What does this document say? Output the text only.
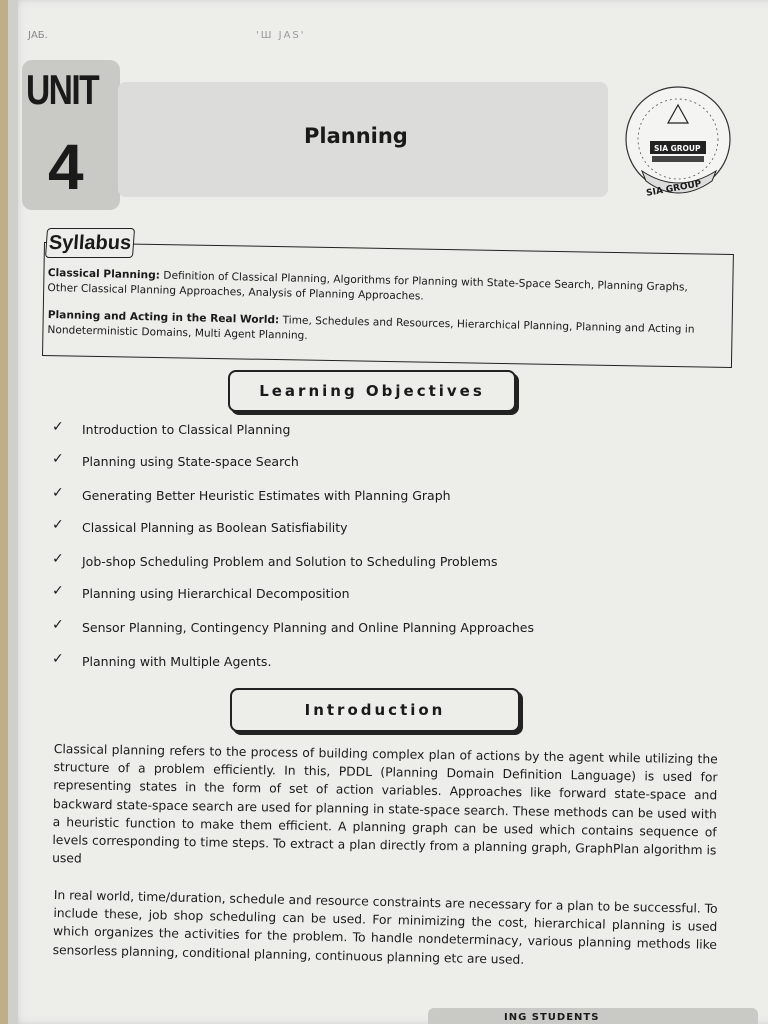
ЈАБ.	'Ш ЈАЅ'
UNIT
4	Planning
SIA GROUP
SIA GROUP
Syllabus
Classical Planning: Definition of Classical Planning, Algorithms for Planning with State-Space Search, Planning Graphs, Other Classical Planning Approaches, Analysis of Planning Approaches.
Planning and Acting in the Real World: Time, Schedules and Resources, Hierarchical Planning, Planning and Acting in Nondeterministic Domains, Multi Agent Planning.
Learning Objectives
✓ Introduction to Classical Planning
✓ Planning using State-space Search
✓ Generating Better Heuristic Estimates with Planning Graph
✓ Classical Planning as Boolean Satisfiability
✓ Job-shop Scheduling Problem and Solution to Scheduling Problems
✓ Planning using Hierarchical Decomposition
✓ Sensor Planning, Contingency Planning and Online Planning Approaches
✓ Planning with Multiple Agents.
Introduction
Classical planning refers to the process of building complex plan of actions by the agent while utilizing the structure of a problem efficiently. In this, PDDL (Planning Domain Definition Language) is used for representing states in the form of set of action variables. Approaches like forward state-space and backward state-space search are used for planning in state-space search. These methods can be used with a heuristic function to make them efficient. A planning graph can be used which contains sequence of levels corresponding to time steps. To extract a plan directly from a planning graph, GraphPlan algorithm is used
In real world, time/duration, schedule and resource constraints are necessary for a plan to be successful. To include these, job shop scheduling can be used. For minimizing the cost, hierarchical planning is used which organizes the activities for the problem. To handle nondeterminacy, various planning methods like sensorless planning, conditional planning, continuous planning etc are used.
ING STUDENTS
